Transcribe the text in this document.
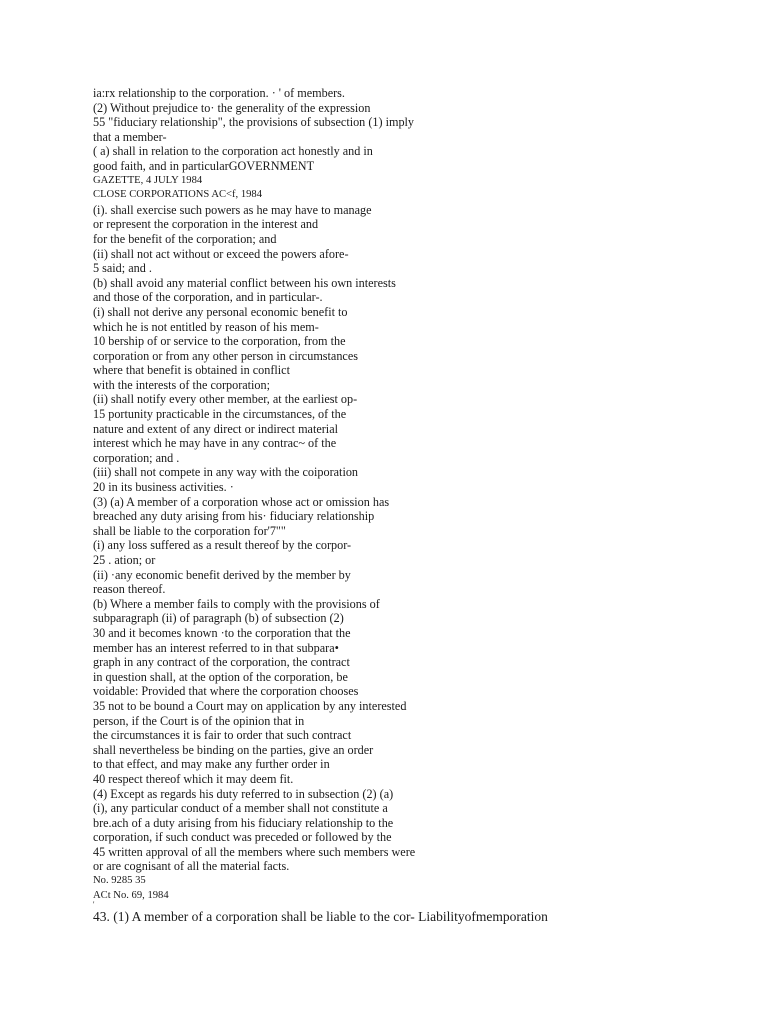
ia:rx relationship to the corporation. · ' of members.
(2) Without prejudice to· the generality of the expression
55 "fiduciary relationship", the provisions of subsection (1) imply
that a member-
( a) shall in relation to the corporation act honestly and in
good faith, and in particularGOVERNMENT
GAZETTE, 4 JULY 1984
CLOSE CORPORATIONS AC<f, 1984
(i). shall exercise such powers as he may have to manage
or represent the corporation in the interest and
for the benefit of the corporation; and
(ii) shall not act without or exceed the powers afore-
5 said; and .
(b) shall avoid any material conflict between his own interests
and those of the corporation, and in particular-.
(i) shall not derive any personal economic benefit to
which he is not entitled by reason of his mem-
10 bership of or service to the corporation, from the
corporation or from any other person in circumstances
where that benefit is obtained in conflict
with the interests of the corporation;
(ii) shall notify every other member, at the earliest op-
15 portunity practicable in the circumstances, of the
nature and extent of any direct or indirect material
interest which he may have in any contrac~ of the
corporation; and .
(iii) shall not compete in any way with the coiporation
20 in its business activities. ·
(3) (a) A member of a corporation whose act or omission has
breached any duty arising from his· fiduciary relationship
shall be liable to the corporation for'7""
(i) any loss suffered as a result thereof by the corpor-
25 . ation; or
(ii) ·any economic benefit derived by the member by
reason thereof.
(b) Where a member fails to comply with the provisions of
subparagraph (ii) of paragraph (b) of subsection (2)
30 and it becomes known ·to the corporation that the
member has an interest referred to in that subpara•
graph in any contract of the corporation, the contract
in question shall, at the option of the corporation, be
voidable: Provided that where the corporation chooses
35 not to be bound a Court may on application by any interested
person, if the Court is of the opinion that in
the circumstances it is fair to order that such contract
shall nevertheless be binding on the parties, give an order
to that effect, and may make any further order in
40 respect thereof which it may deem fit.
(4) Except as regards his duty referred to in subsection (2) (a)
(i), any particular conduct of a member shall not constitute a
bre.ach of a duty arising from his fiduciary relationship to the
corporation, if such conduct was preceded or followed by the
45 written approval of all the members where such members were
or are cognisant of all the material facts.
No. 9285 35
ACt No. 69, 1984
'
43. (1) A member of a corporation shall be liable to the cor- Liabilityofmemporation
